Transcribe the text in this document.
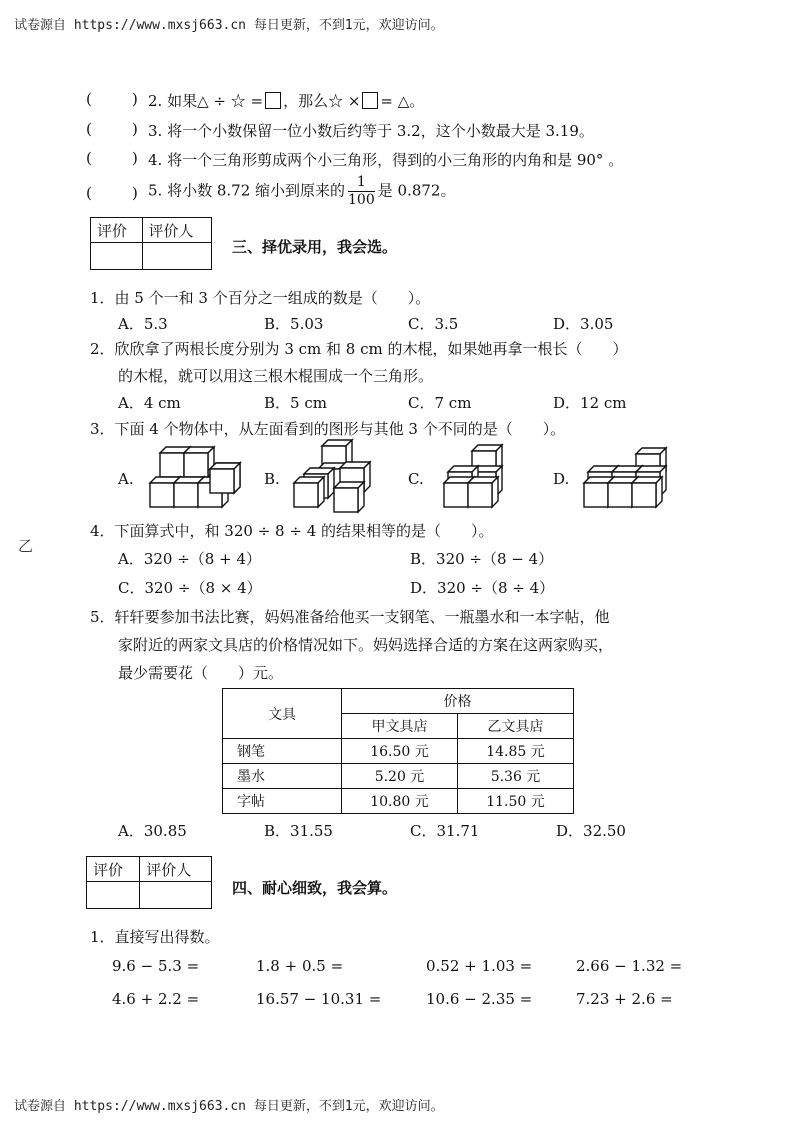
试卷源自 https://www.mxsj663.cn 每日更新，不到1元，欢迎访问。
(	) 2. 如果△ ÷ ☆ = ，那么☆ × = △。
(	) 3. 将一个小数保留一位小数后约等于 3.2，这个小数最大是 3.19。
(	) 4. 将一个三角形剪成两个小三角形，得到的小三角形的内角和是 90° 。
(	) 5. 将小数 8.72 缩小到原来的 $\frac{1}{100}$ 是 0.872。
评价	评价人

三、择优录用，我会选。
1．由 5 个一和 3 个百分之一组成的数是（　　）。
A．5.3	B．5.03	C．3.5	D．3.05
2．欣欣拿了两根长度分别为 3 cm 和 8 cm 的木棍，如果她再拿一根长（　　）
的木棍，就可以用这三根木棍围成一个三角形。
A．4 cm	B．5 cm	C．7 cm	D．12 cm
3．下面 4 个物体中，从左面看到的图形与其他 3 个不同的是（　　）。
A.	B.	C.	D.
乙
4．下面算式中，和 320 ÷ 8 ÷ 4 的结果相等的是（　　）。
A．320 ÷（8 + 4）	B．320 ÷（8 − 4）
C．320 ÷（8 × 4）	D．320 ÷（8 ÷ 4）
5．轩轩要参加书法比赛，妈妈准备给他买一支钢笔、一瓶墨水和一本字帖，他
家附近的两家文具店的价格情况如下。妈妈选择合适的方案在这两家购买，
最少需要花（　　）元。
文具	价格	
	甲文具店	乙文具店
钢笔	16.50 元	14.85 元
墨水	5.20 元	5.36 元
字帖	10.80 元	11.50 元
A．30.85	B．31.55	C．31.71	D．32.50
评价	评价人

四、耐心细致，我会算。
1．直接写出得数。
9.6 − 5.3 =	1.8 + 0.5 =	0.52 + 1.03 =	2.66 − 1.32 =
4.6 + 2.2 =	16.57 − 10.31 =	10.6 − 2.35 =	7.23 + 2.6 =
试卷源自 https://www.mxsj663.cn 每日更新，不到1元，欢迎访问。
